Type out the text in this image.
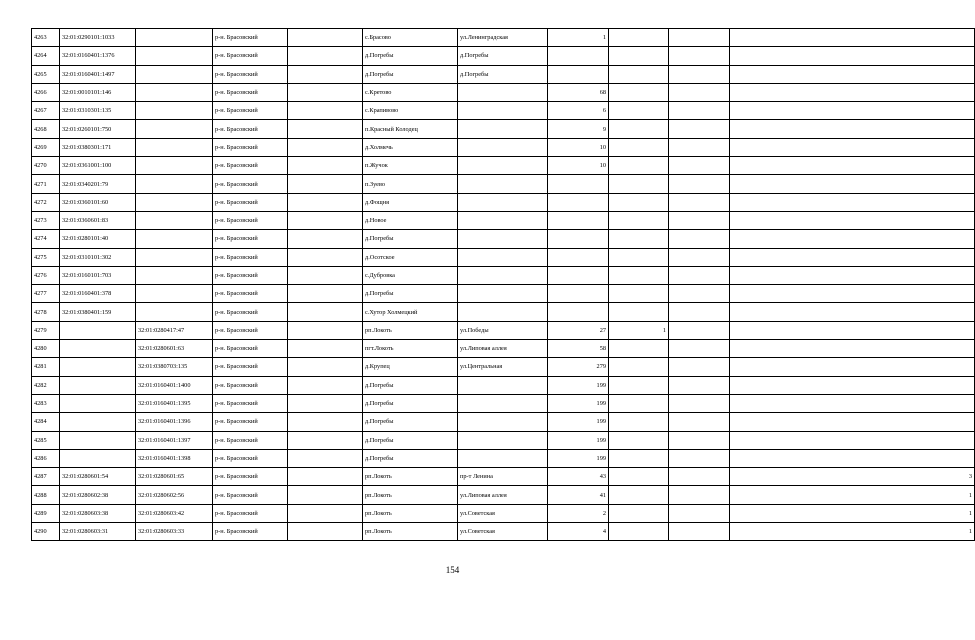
4263	32:01:0290101:1033		р-н. Брасовский		с.Брасово	ул.Ленинградская	1			
4264	32:01:0160401:1376		р-н. Брасовский		д.Погребы	д.Погребы				
4265	32:01:0160401:1497		р-н. Брасовский		д.Погребы	д.Погребы				
4266	32:01:0010101:146		р-н. Брасовский		с.Кретово		68			
4267	32:01:0310301:135		р-н. Брасовский		с.Крапивово		6			
4268	32:01:0260101:750		р-н. Брасовский		п.Красный Колодец		9			
4269	32:01:0380301:171		р-н. Брасовский		д.Холмечь		10			
4270	32:01:0361001:100		р-н. Брасовский		п.Жучок		10			
4271	32:01:0340201:79		р-н. Брасовский		п.Зуево					
4272	32:01:0360101:60		р-н. Брасовский		д.Фощня					
4273	32:01:0360601:83		р-н. Брасовский		д.Новое					
4274	32:01:0280101:40		р-н. Брасовский		д.Погребы					
4275	32:01:0310101:302		р-н. Брасовский		д.Осотское					
4276	32:01:0160101:703		р-н. Брасовский		с.Дубровка					
4277	32:01:0160401:378		р-н. Брасовский		д.Погребы					
4278	32:01:0380401:159		р-н. Брасовский		с.Хутор Холмецкий					
4279		32:01:0280417:47	р-н. Брасовский		рп.Локоть	ул.Победы	27	1		
4280		32:01:0280601:63	р-н. Брасовский		пгт.Локоть	ул.Липовая аллея	58			
4281		32:01:0380703:135	р-н. Брасовский		д.Крупец	ул.Центральная	279			
4282		32:01:0160401:1400	р-н. Брасовский		д.Погребы		199			
4283		32:01:0160401:1395	р-н. Брасовский		д.Погребы		199			
4284		32:01:0160401:1396	р-н. Брасовский		д.Погребы		199			
4285		32:01:0160401:1397	р-н. Брасовский		д.Погребы		199			
4286		32:01:0160401:1398	р-н. Брасовский		д.Погребы		199			
4287	32:01:0280601:54	32:01:0280601:65	р-н. Брасовский		рп.Локоть	пр-т Ленина	43			3
4288	32:01:0280602:38	32:01:0280602:56	р-н. Брасовский		рп.Локоть	ул.Липовая аллея	41			1
4289	32:01:0280603:38	32:01:0280603:42	р-н. Брасовский		рп.Локоть	ул.Советская	2			1
4290	32:01:0280603:31	32:01:0280603:33	р-н. Брасовский		рп.Локоть	ул.Советская	4			1
154
